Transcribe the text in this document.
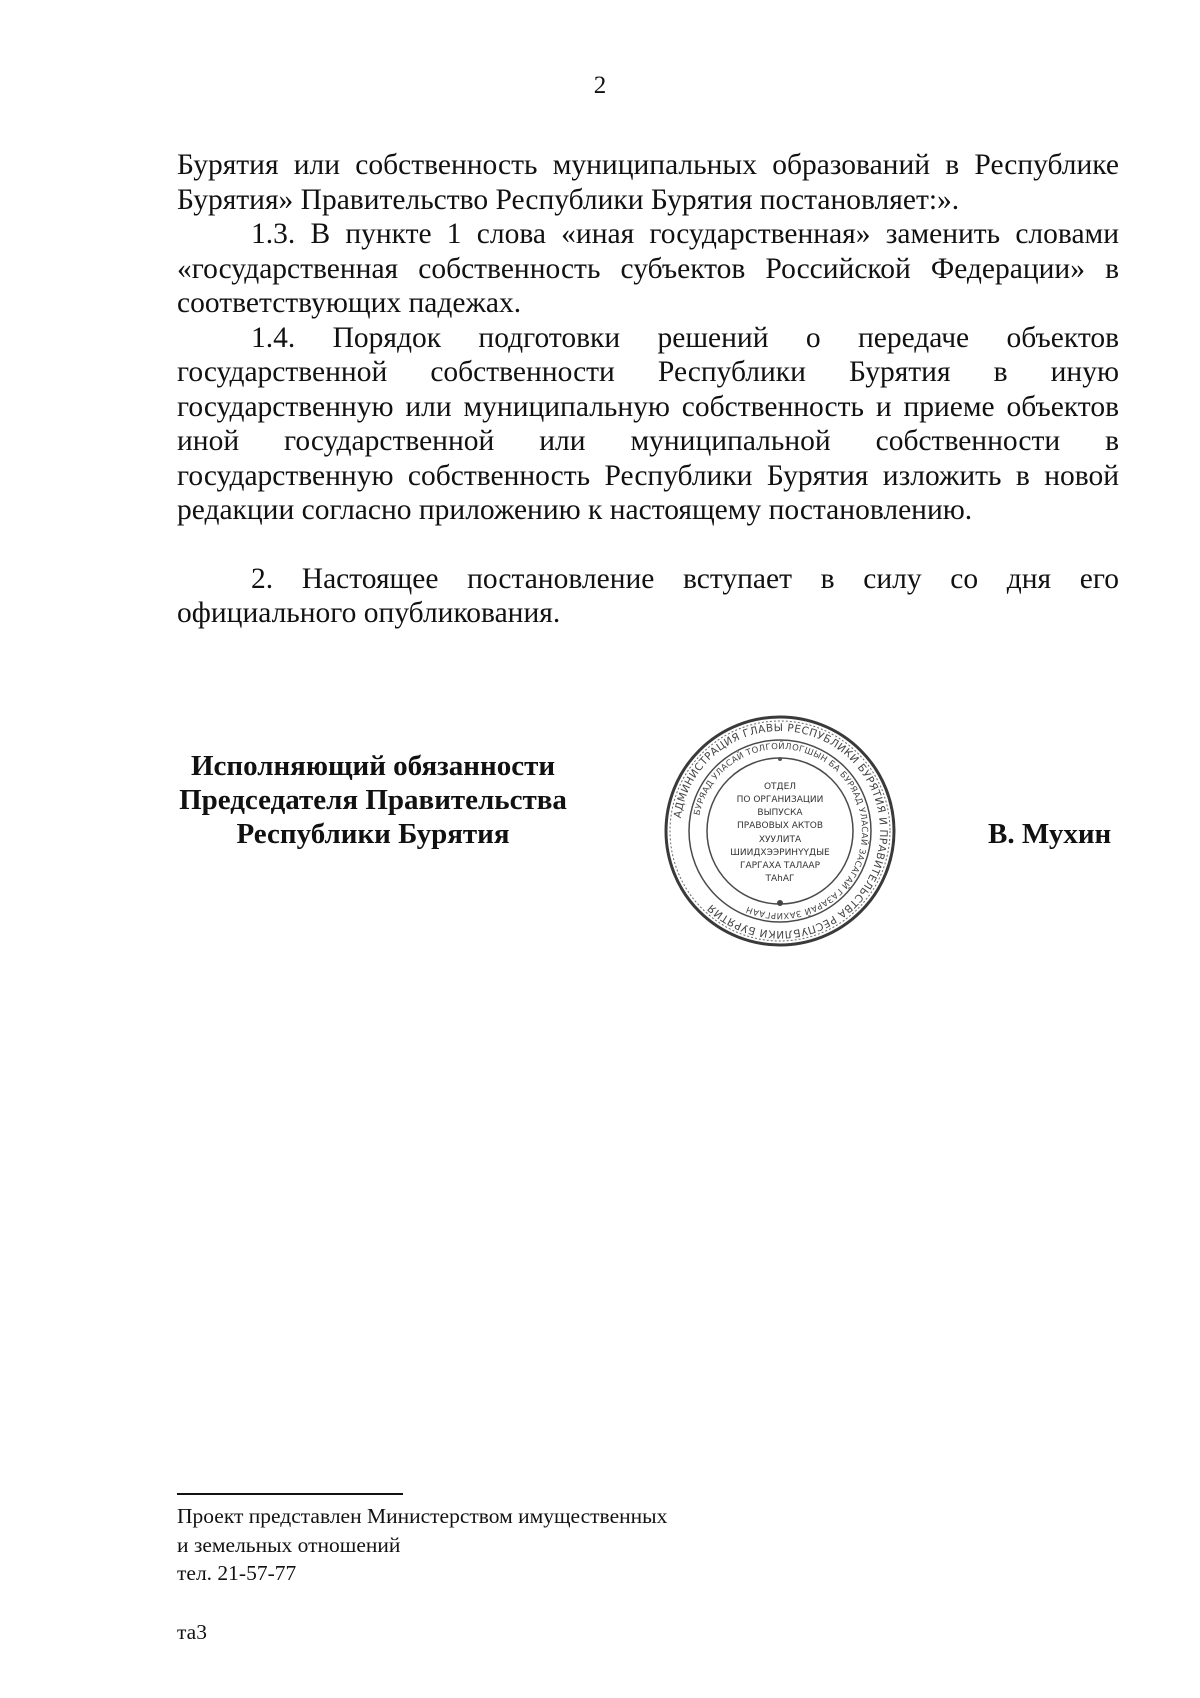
2

Бурятия или собственность муниципальных образований в Республике Бурятия» Правительство Республики Бурятия постановляет:».

1.3. В пункте 1 слова «иная государственная» заменить словами «государственная собственность субъектов Российской Федерации» в соответствующих падежах.

1.4. Порядок подготовки решений о передаче объектов государственной собственности Республики Бурятия в иную государственную или муниципальную собственность и приеме объектов иной государственной или муниципальной собственности в государственную собственность Республики Бурятия изложить в новой редакции согласно приложению к настоящему постановлению.

2. Настоящее постановление вступает в силу со дня его официального опубликования.

Исполняющий обязанности
Председателя Правительства
Республики Бурятия
АДМИНИСТРАЦИЯ ГЛАВЫ РЕСПУБЛИКИ БУРЯТИЯ И ПРАВИТЕЛЬСТВА РЕСПУБЛИКИ БУРЯТИЯ
БУРЯАД УЛАСАЙ ТОЛГОЙЛОГШЫН БА БУРЯАД УЛАСАЙ ЗАСАГАЙ ГАЗАРАЙ ЗАХИРГААН
ОТДЕЛ
ПО ОРГАНИЗАЦИИ
ВЫПУСКА
ПРАВОВЫХ АКТОВ
ХУУЛИТА
ШИИДХЭЭРИНҮҮДЫЕ
ГАРГАХА ТАЛААР
ТАһАГ
В. Мухин
Проект представлен Министерством имущественных
и земельных отношений
тел. 21-57-77
та3
